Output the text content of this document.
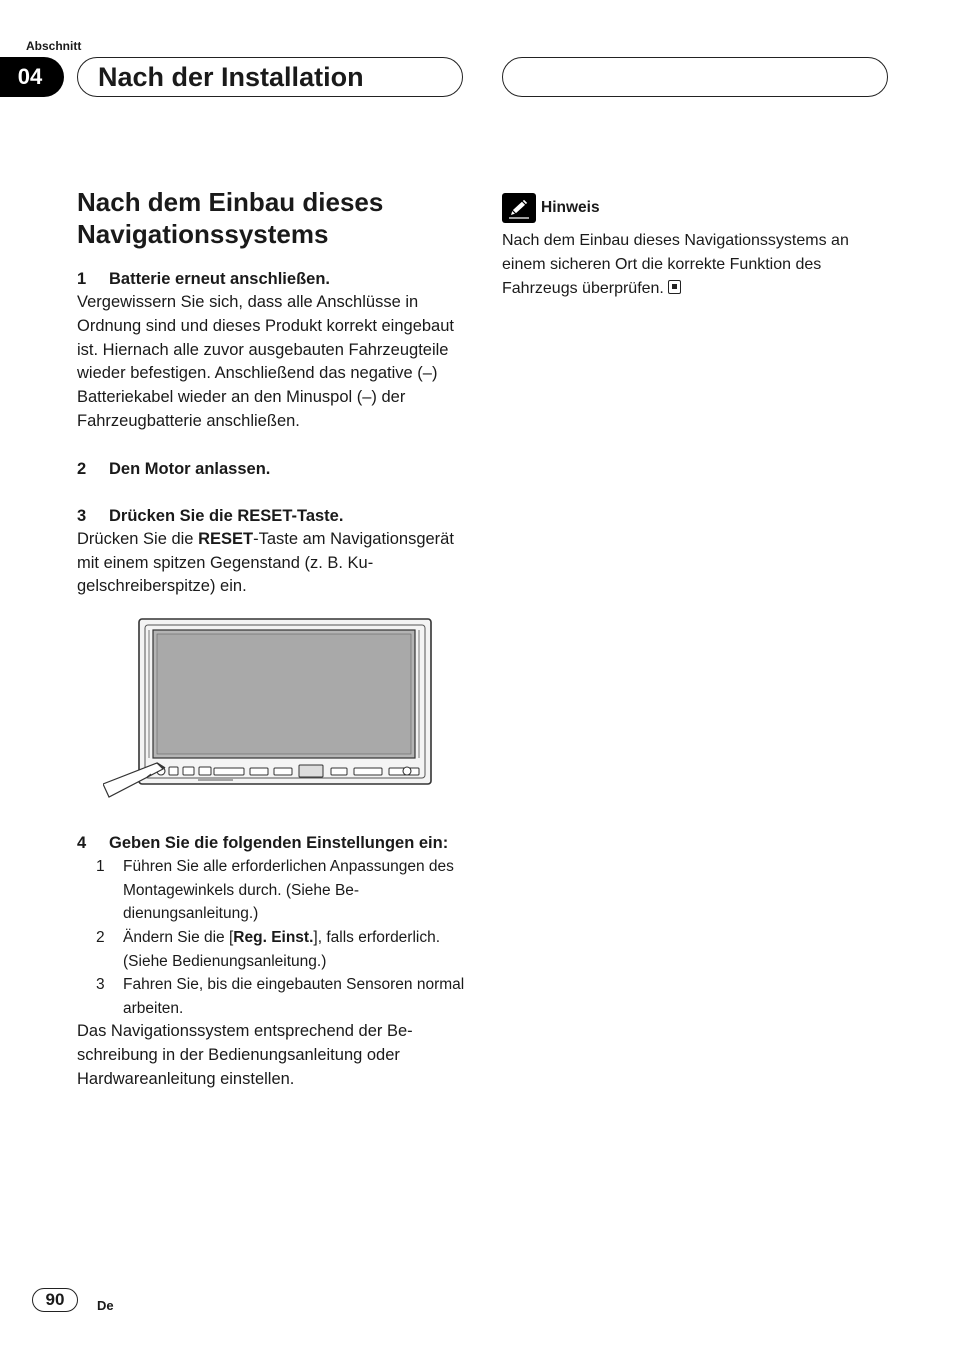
Abschnitt
04	Nach der Installation
Nach dem Einbau dieses Navigationssystems
1 Batterie erneut anschließen.
Vergewissern Sie sich, dass alle Anschlüsse in Ordnung sind und dieses Produkt korrekt eingebaut ist. Hiernach alle zuvor ausgebauten Fahrzeugteile wieder befestigen. Anschließend das negative (–) Batteriekabel wieder an den Minuspol (–) der Fahrzeugbatterie anschließen.
2 Den Motor anlassen.
3 Drücken Sie die RESET-Taste.
Drücken Sie die RESET-Taste am Navigationsgerät mit einem spitzen Gegenstand (z. B. Kugelschreiberspitze) ein.
4 Geben Sie die folgenden Einstellungen ein:
1 Führen Sie alle erforderlichen Anpassungen des Montagewinkels durch. (Siehe Bedienungsanleitung.)
2 Ändern Sie die [Reg. Einst.], falls erforderlich. (Siehe Bedienungsanleitung.)
3 Fahren Sie, bis die eingebauten Sensoren normal arbeiten.
Das Navigationssystem entsprechend der Beschreibung in der Bedienungsanleitung oder Hardwareanleitung einstellen.
Hinweis
Nach dem Einbau dieses Navigationssystems an einem sicheren Ort die korrekte Funktion des Fahrzeugs überprüfen.
90	De
